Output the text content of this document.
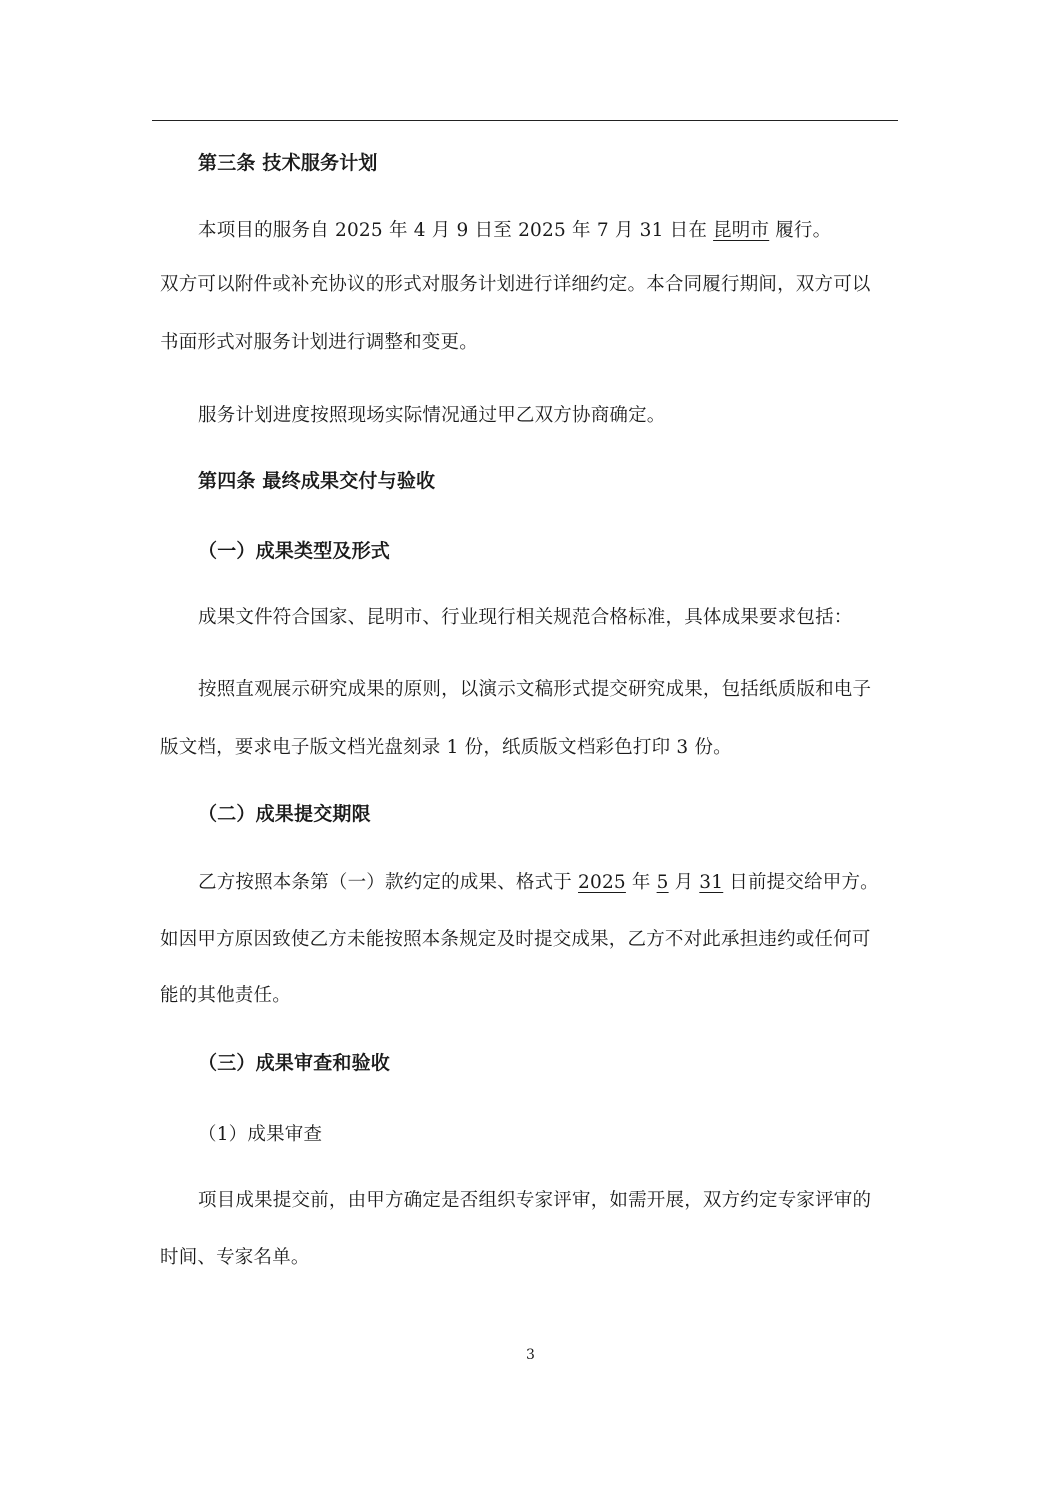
第三条 技术服务计划
本项目的服务自 2025 年 4 月 9 日至 2025 年 7 月 31 日在 昆明市 履行。
双方可以附件或补充协议的形式对服务计划进行详细约定。本合同履行期间，双方可以
书面形式对服务计划进行调整和变更。
服务计划进度按照现场实际情况通过甲乙双方协商确定。
第四条 最终成果交付与验收
（一）成果类型及形式
成果文件符合国家、昆明市、行业现行相关规范合格标准，具体成果要求包括：
按照直观展示研究成果的原则，以演示文稿形式提交研究成果，包括纸质版和电子
版文档，要求电子版文档光盘刻录 1 份，纸质版文档彩色打印 3 份。
（二）成果提交期限
乙方按照本条第（一）款约定的成果、格式于 2025 年 5 月 31 日前提交给甲方。
如因甲方原因致使乙方未能按照本条规定及时提交成果，乙方不对此承担违约或任何可
能的其他责任。
（三）成果审查和验收
（1）成果审查
项目成果提交前，由甲方确定是否组织专家评审，如需开展，双方约定专家评审的
时间、专家名单。
3
